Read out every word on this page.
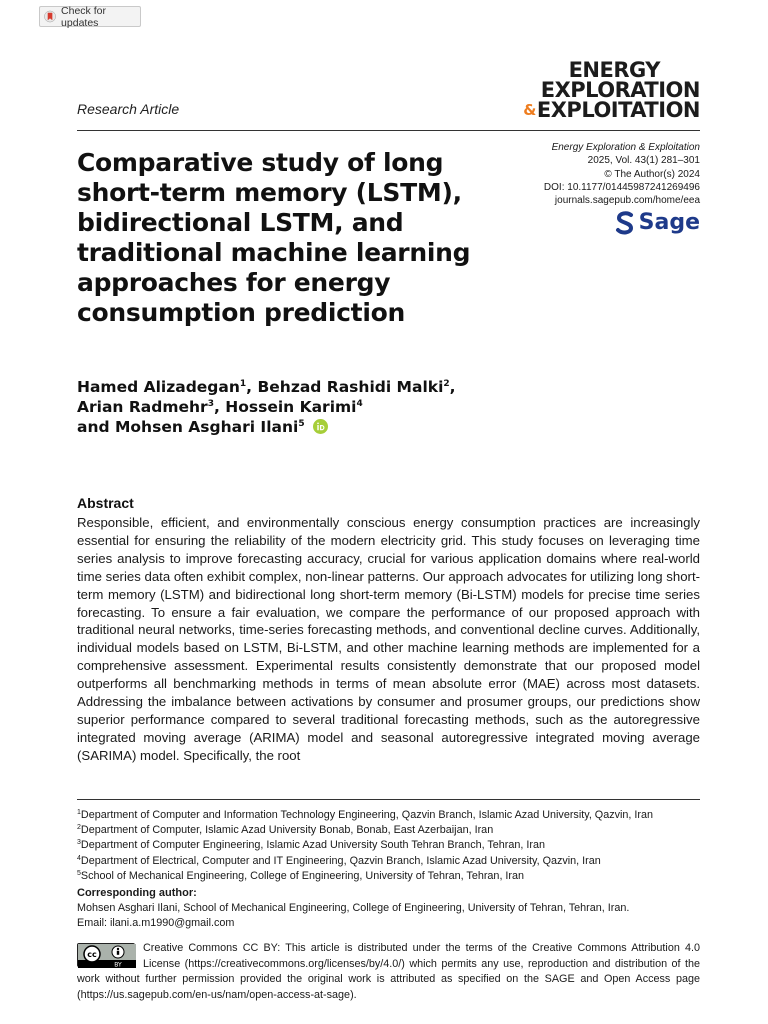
Check for updates
ENERGY
EXPLORATION
&EXPLOITATION
Research Article
Comparative study of long short-term memory (LSTM), bidirectional LSTM, and traditional machine learning approaches for energy consumption prediction
Energy Exploration & Exploitation
2025, Vol. 43(1) 281–301
© The Author(s) 2024
DOI: 10.1177/01445987241269496
journals.sagepub.com/home/eea
Sage
Hamed Alizadegan$^1$, Behzad Rashidi Malki$^2$,
Arian Radmehr$^3$, Hossein Karimi$^4$
and Mohsen Asghari Ilani$^5$
Abstract

Responsible, efficient, and environmentally conscious energy consumption practices are increasingly essential for ensuring the reliability of the modern electricity grid. This study focuses on leveraging time series analysis to improve forecasting accuracy, crucial for various application domains where real-world time series data often exhibit complex, non-linear patterns. Our approach advocates for utilizing long short-term memory (LSTM) and bidirectional long short-term memory (Bi-LSTM) models for precise time series forecasting. To ensure a fair evaluation, we compare the performance of our proposed approach with traditional neural networks, time-series forecasting methods, and conventional decline curves. Additionally, individual models based on LSTM, Bi-LSTM, and other machine learning methods are implemented for a comprehensive assessment. Experimental results consistently demonstrate that our proposed model outperforms all benchmarking methods in terms of mean absolute error (MAE) across most datasets. Addressing the imbalance between activations by consumer and prosumer groups, our predictions show superior performance compared to several traditional forecasting methods, such as the autoregressive integrated moving average (ARIMA) model and seasonal autoregressive integrated moving average (SARIMA) model. Specifically, the root

$^1$Department of Computer and Information Technology Engineering, Qazvin Branch, Islamic Azad University, Qazvin, Iran
$^2$Department of Computer, Islamic Azad University Bonab, Bonab, East Azerbaijan, Iran
$^3$Department of Computer Engineering, Islamic Azad University South Tehran Branch, Tehran, Iran
$^4$Department of Electrical, Computer and IT Engineering, Qazvin Branch, Islamic Azad University, Qazvin, Iran
$^5$School of Mechanical Engineering, College of Engineering, University of Tehran, Tehran, Iran
Corresponding author:
Mohsen Asghari Ilani, School of Mechanical Engineering, College of Engineering, University of Tehran, Tehran, Iran.
Email: ilani.a.m1990@gmail.com
cc
BY
Creative Commons CC BY: This article is distributed under the terms of the Creative Commons Attribution 4.0 License (https://creativecommons.org/licenses/by/4.0/) which permits any use, reproduction and distribution of the work without further permission provided the original work is attributed as specified on the SAGE and Open Access page (https://us.sagepub.com/en-us/nam/open-access-at-sage).
